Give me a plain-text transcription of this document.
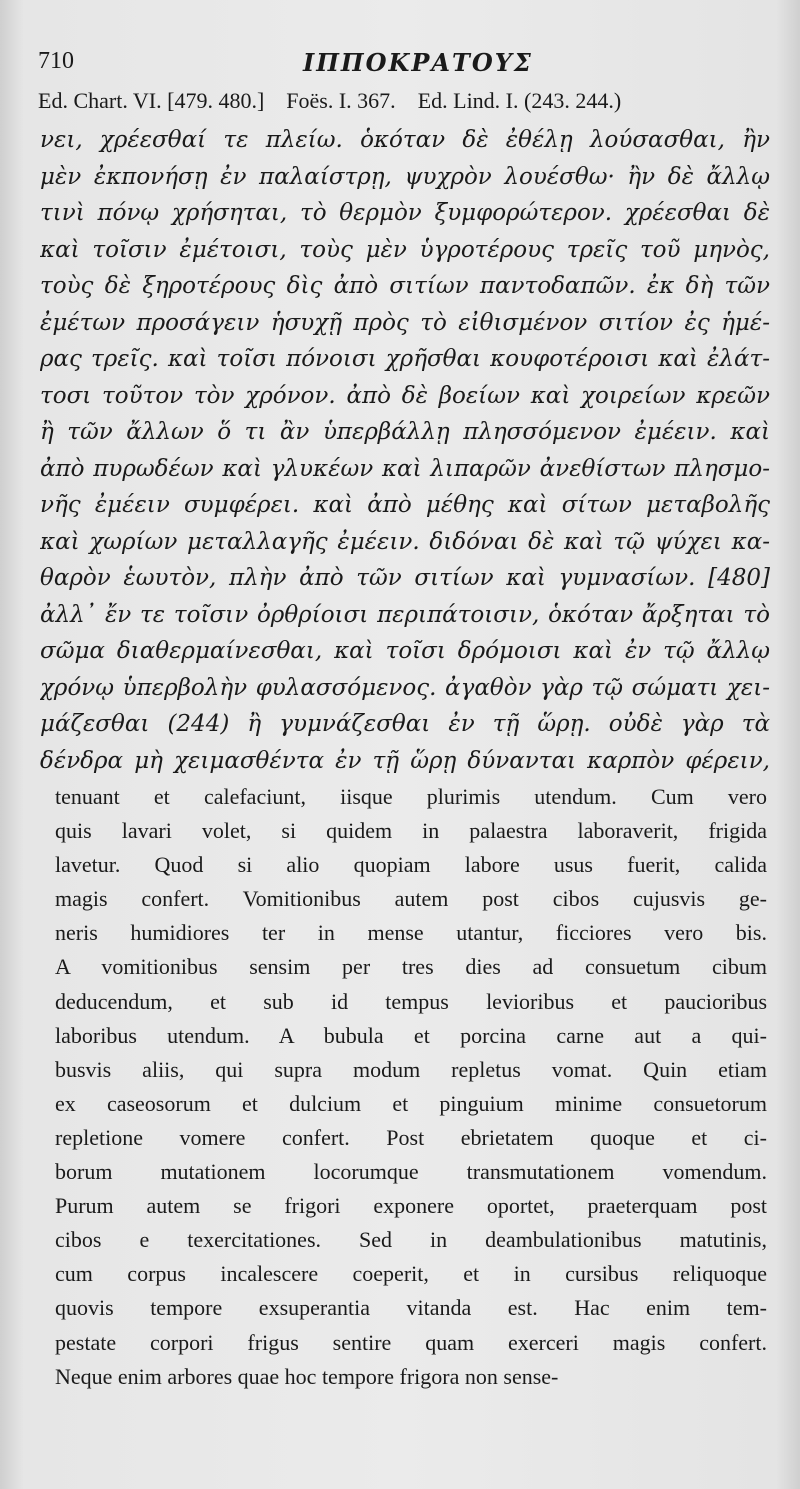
710	ΙΠΠΟΚΡΑΤΟΥΣ
Ed. Chart. VI. [479. 480.] Foës. I. 367. Ed. Lind. I. (243. 244.)
νει, χρέεσθαί τε πλείω. ὁκόταν δὲ ἐθέλῃ λούσασθαι, ἢν
μὲν ἐκπονήσῃ ἐν παλαίστρῃ, ψυχρὸν λουέσθω· ἢν δὲ ἄλλῳ
τινὶ πόνῳ χρήσηται, τὸ θερμὸν ξυμφορώτερον. χρέεσθαι δὲ
καὶ τοῖσιν ἐμέτοισι, τοὺς μὲν ὑγροτέρους τρεῖς τοῦ μηνὸς,
τοὺς δὲ ξηροτέρους δὶς ἀπὸ σιτίων παντοδαπῶν. ἐκ δὴ τῶν
ἐμέτων προσάγειν ἡσυχῇ πρὸς τὸ εἰθισμένον σιτίον ἐς ἡμέ-
ρας τρεῖς. καὶ τοῖσι πόνοισι χρῆσθαι κουφοτέροισι καὶ ἐλάτ-
τοσι τοῦτον τὸν χρόνον. ἀπὸ δὲ βοείων καὶ χοιρείων κρεῶν
ἢ τῶν ἄλλων ὅ τι ἂν ὑπερβάλλῃ πλησσόμενον ἐμέειν. καὶ
ἀπὸ πυρωδέων καὶ γλυκέων καὶ λιπαρῶν ἀνεθίστων πλησμο-
νῆς ἐμέειν συμφέρει. καὶ ἀπὸ μέθης καὶ σίτων μεταβολῆς
καὶ χωρίων μεταλλαγῆς ἐμέειν. διδόναι δὲ καὶ τῷ ψύχει κα-
θαρὸν ἑωυτὸν, πλὴν ἀπὸ τῶν σιτίων καὶ γυμνασίων. [480]
ἀλλ᾽ ἔν τε τοῖσιν ὀρθρίοισι περιπάτοισιν, ὁκόταν ἄρξηται τὸ
σῶμα διαθερμαίνεσθαι, καὶ τοῖσι δρόμοισι καὶ ἐν τῷ ἄλλῳ
χρόνῳ ὑπερβολὴν φυλασσόμενος. ἀγαθὸν γὰρ τῷ σώματι χει-
μάζεσθαι (244) ἢ γυμνάζεσθαι ἐν τῇ ὥρῃ. οὐδὲ γὰρ τὰ
δένδρα μὴ χειμασθέντα ἐν τῇ ὥρῃ δύνανται καρπὸν φέρειν,
tenuant et calefaciunt, iisque plurimis utendum. Cum vero
quis lavari volet, si quidem in palaestra laboraverit, frigida
lavetur. Quod si alio quopiam labore usus fuerit, calida
magis confert. Vomitionibus autem post cibos cujusvis ge-
neris humidiores ter in mense utantur, ficciores vero bis.
A vomitionibus sensim per tres dies ad consuetum cibum
deducendum, et sub id tempus levioribus et paucioribus
laboribus utendum. A bubula et porcina carne aut a qui-
busvis aliis, qui supra modum repletus vomat. Quin etiam
ex caseosorum et dulcium et pinguium minime consuetorum
repletione vomere confert. Post ebrietatem quoque et ci-
borum mutationem locorumque transmutationem vomendum.
Purum autem se frigori exponere oportet, praeterquam post
cibos e texercitationes. Sed in deambulationibus matutinis,
cum corpus incalescere coeperit, et in cursibus reliquoque
quovis tempore exsuperantia vitanda est. Hac enim tem-
pestate corpori frigus sentire quam exerceri magis confert.
Neque enim arbores quae hoc tempore frigora non sense-
